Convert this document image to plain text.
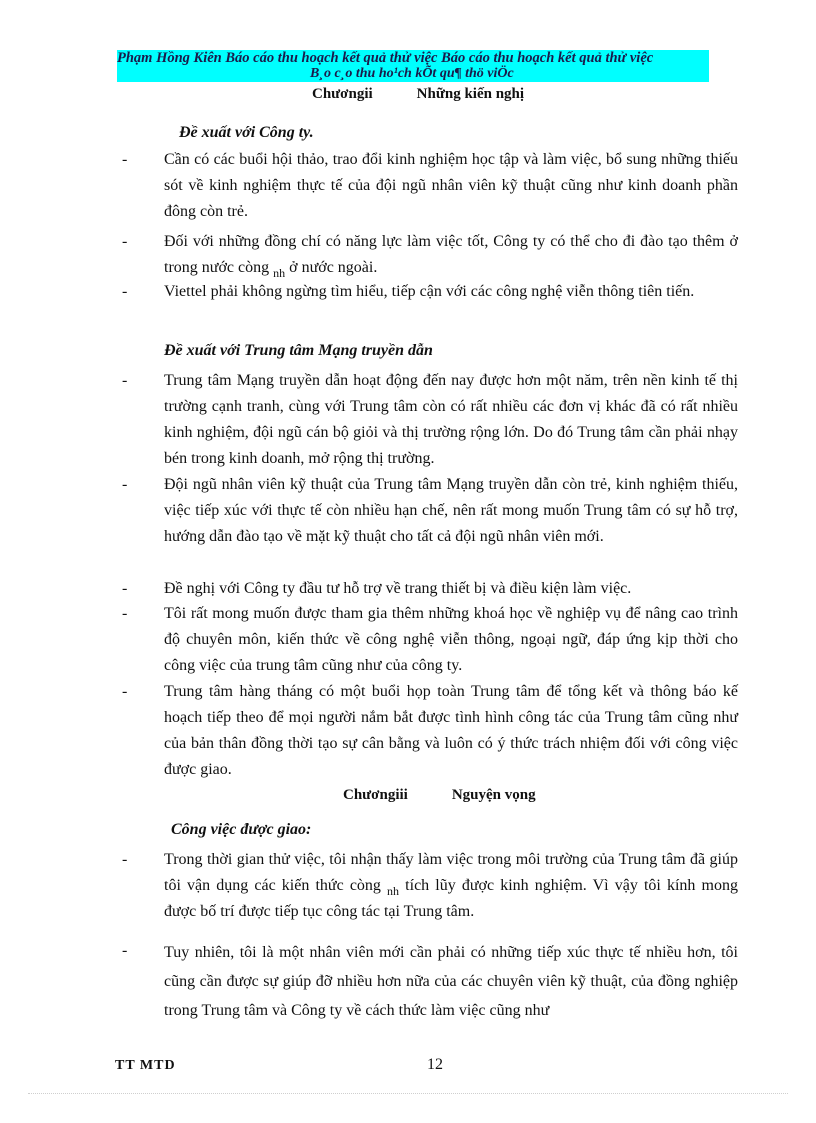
Phạm Hồng Kiên Báo cáo thu hoạch kết quả thử việc Báo cáo thu hoạch kết quả thử việc
B¸o c¸o thu ho¹ch kÕt qu¶ thö viÖc
Chươngii	Những kiến nghị
Đề xuất với Công ty.
- Cần có các buổi hội thảo, trao đổi kinh nghiệm học tập và làm việc, bổ sung những thiếu sót về kinh nghiệm thực tế của đội ngũ nhân viên kỹ thuật cũng như kinh doanh phần đông còn trẻ.
- Đối với những đồng chí có năng lực làm việc tốt, Công ty có thể cho đi đào tạo thêm ở trong nước còng $_{nh}$ ở nước ngoài.
- Viettel phải không ngừng tìm hiểu, tiếp cận với các công nghệ viễn thông tiên tiến.
Đề xuất với Trung tâm Mạng truyền dẫn
- Trung tâm Mạng truyền dẫn hoạt động đến nay được hơn một năm, trên nền kinh tế thị trường cạnh tranh, cùng với Trung tâm còn có rất nhiều các đơn vị khác đã có rất nhiều kinh nghiệm, đội ngũ cán bộ giỏi và thị trường rộng lớn. Do đó Trung tâm cần phải nhạy bén trong kinh doanh, mở rộng thị trường.
- Đội ngũ nhân viên kỹ thuật của Trung tâm Mạng truyền dẫn còn trẻ, kinh nghiệm thiếu, việc tiếp xúc với thực tế còn nhiều hạn chế, nên rất mong muốn Trung tâm có sự hỗ trợ, hướng dẫn đào tạo về mặt kỹ thuật cho tất cả đội ngũ nhân viên mới.
- Đề nghị với Công ty đầu tư hỗ trợ về trang thiết bị và điều kiện làm việc.
- Tôi rất mong muốn được tham gia thêm những khoá học về nghiệp vụ để nâng cao trình độ chuyên môn, kiến thức về công nghệ viễn thông, ngoại ngữ, đáp ứng kịp thời cho công việc của trung tâm cũng như của công ty.
- Trung tâm hàng tháng có một buổi họp toàn Trung tâm để tổng kết và thông báo kế hoạch tiếp theo để mọi người nắm bắt được tình hình công tác của Trung tâm cũng như của bản thân đồng thời tạo sự cân bằng và luôn có ý thức trách nhiệm đối với công việc được giao.
Chươngiii	Nguyện vọng
Công việc được giao:
- Trong thời gian thử việc, tôi nhận thấy làm việc trong môi trường của Trung tâm đã giúp tôi vận dụng các kiến thức còng $_{nh}$ tích lũy được kinh nghiệm. Vì vậy tôi kính mong được bố trí được tiếp tục công tác tại Trung tâm.
- Tuy nhiên, tôi là một nhân viên mới cần phải có những tiếp xúc thực tế nhiều hơn, tôi cũng cần được sự giúp đỡ nhiều hơn nữa của các chuyên viên kỹ thuật, của đồng nghiệp trong Trung tâm và Công ty về cách thức làm việc cũng như
TT MTD	12
